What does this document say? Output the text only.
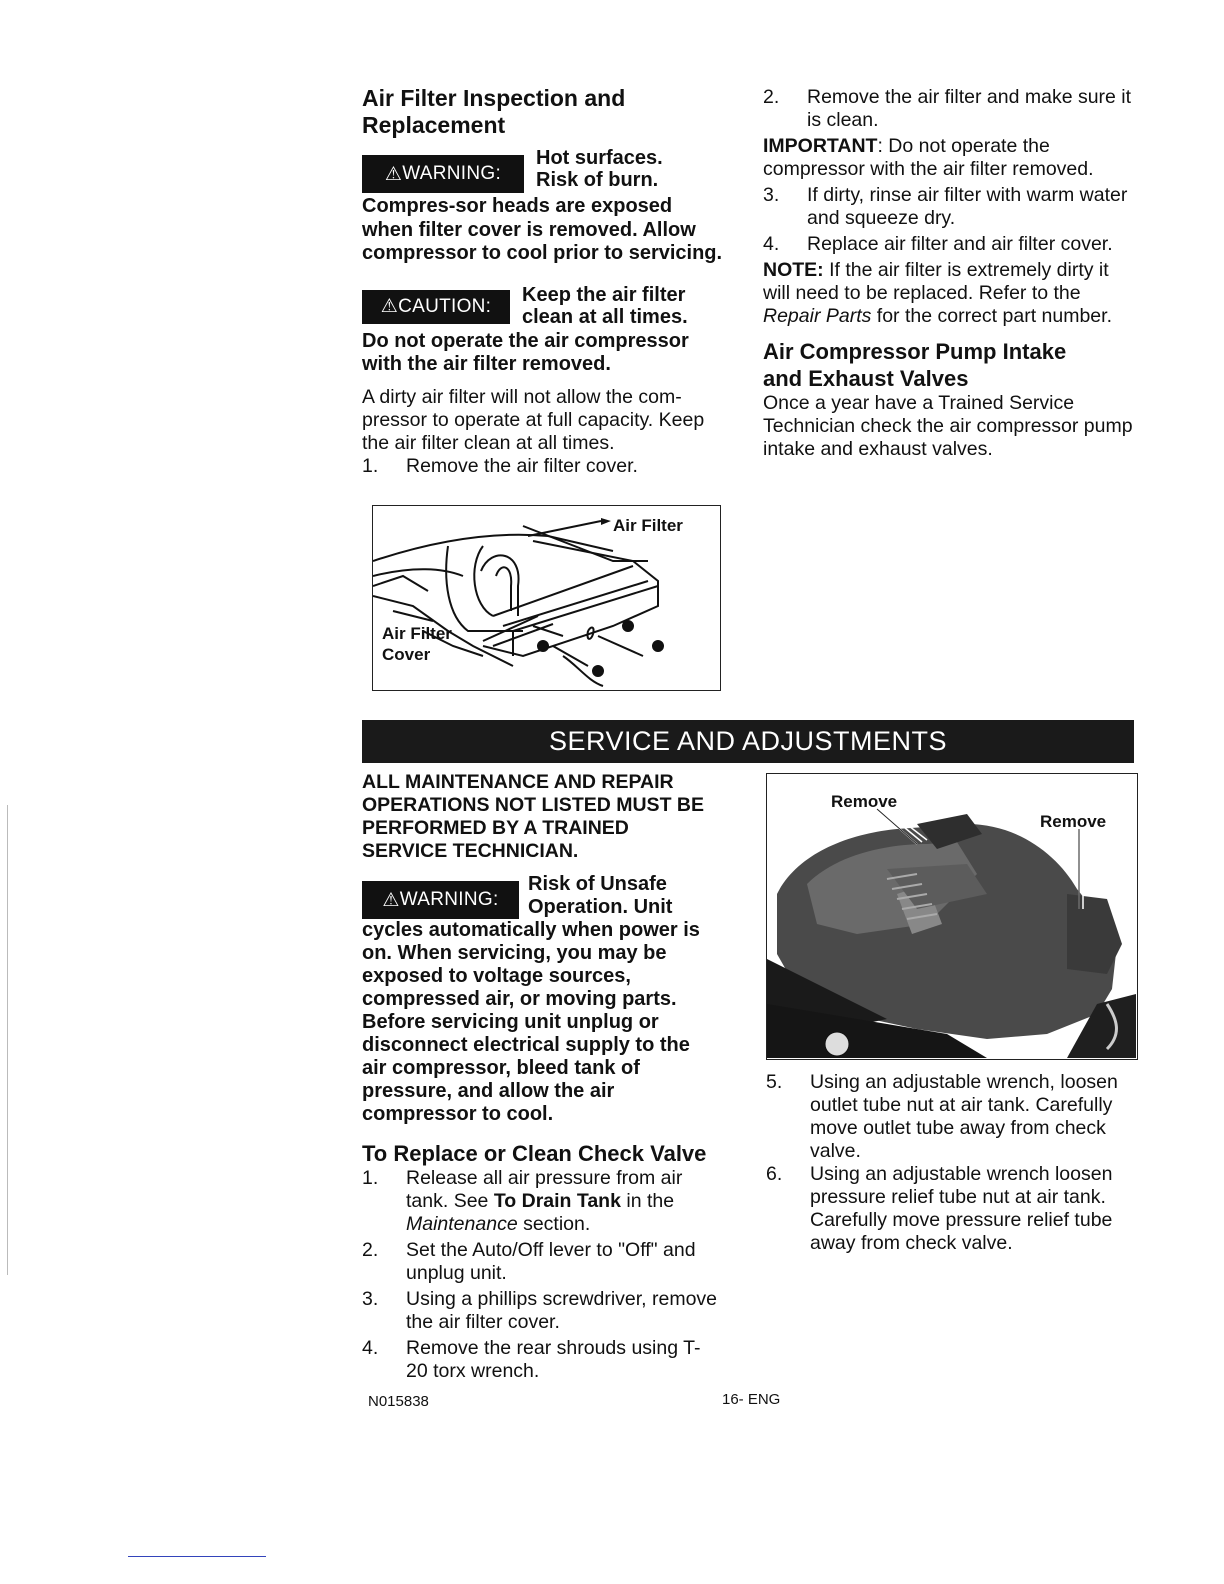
Air Filter Inspection and
Replacement
⚠ WARNING:
Hot surfaces.
Risk of burn.
Compres-sor heads are exposed when filter cover is removed. Allow compressor to cool prior to servicing.
⚠ CAUTION:
Keep the air filter
clean at all times.
Do not operate the air compressor with the air filter removed.
A dirty air filter will not allow the com-pressor to operate at full capacity. Keep the air filter clean at all times.
1.	Remove the air filter cover.
Air Filter
Air Filter
Cover
2.	Remove the air filter and make sure it is clean.
IMPORTANT: Do not operate the compressor with the air filter removed.
3.	If dirty, rinse air filter with warm water and squeeze dry.
4.	Replace air filter and air filter cover.
NOTE: If the air filter is extremely dirty it will need to be replaced. Refer to the Repair Parts for the correct part number.
Air Compressor Pump Intake
and Exhaust Valves
Once a year have a Trained Service Technician check the air compressor pump intake and exhaust valves.
SERVICE AND ADJUSTMENTS
ALL MAINTENANCE AND REPAIR OPERATIONS NOT LISTED MUST BE PERFORMED BY A TRAINED SERVICE TECHNICIAN.
⚠ WARNING:
Risk of Unsafe
Operation. Unit
cycles automatically when power is on. When servicing, you may be exposed to voltage sources, compressed air, or moving parts. Before servicing unit unplug or disconnect electrical supply to the air compressor, bleed tank of pressure, and allow the air compressor to cool.
To Replace or Clean Check Valve
1.	Release all air pressure from air tank. See To Drain Tank in the Maintenance section.
2.	Set the Auto/Off lever to "Off" and unplug unit.
3.	Using a phillips screwdriver, remove the air filter cover.
4.	Remove the rear shrouds using T-20 torx wrench.
Remove
Remove
5.	Using an adjustable wrench, loosen outlet tube nut at air tank. Carefully move outlet tube away from check valve.
6.	Using an adjustable wrench loosen pressure relief tube nut at air tank. Carefully move pressure relief tube away from check valve.
N015838	16- ENG
